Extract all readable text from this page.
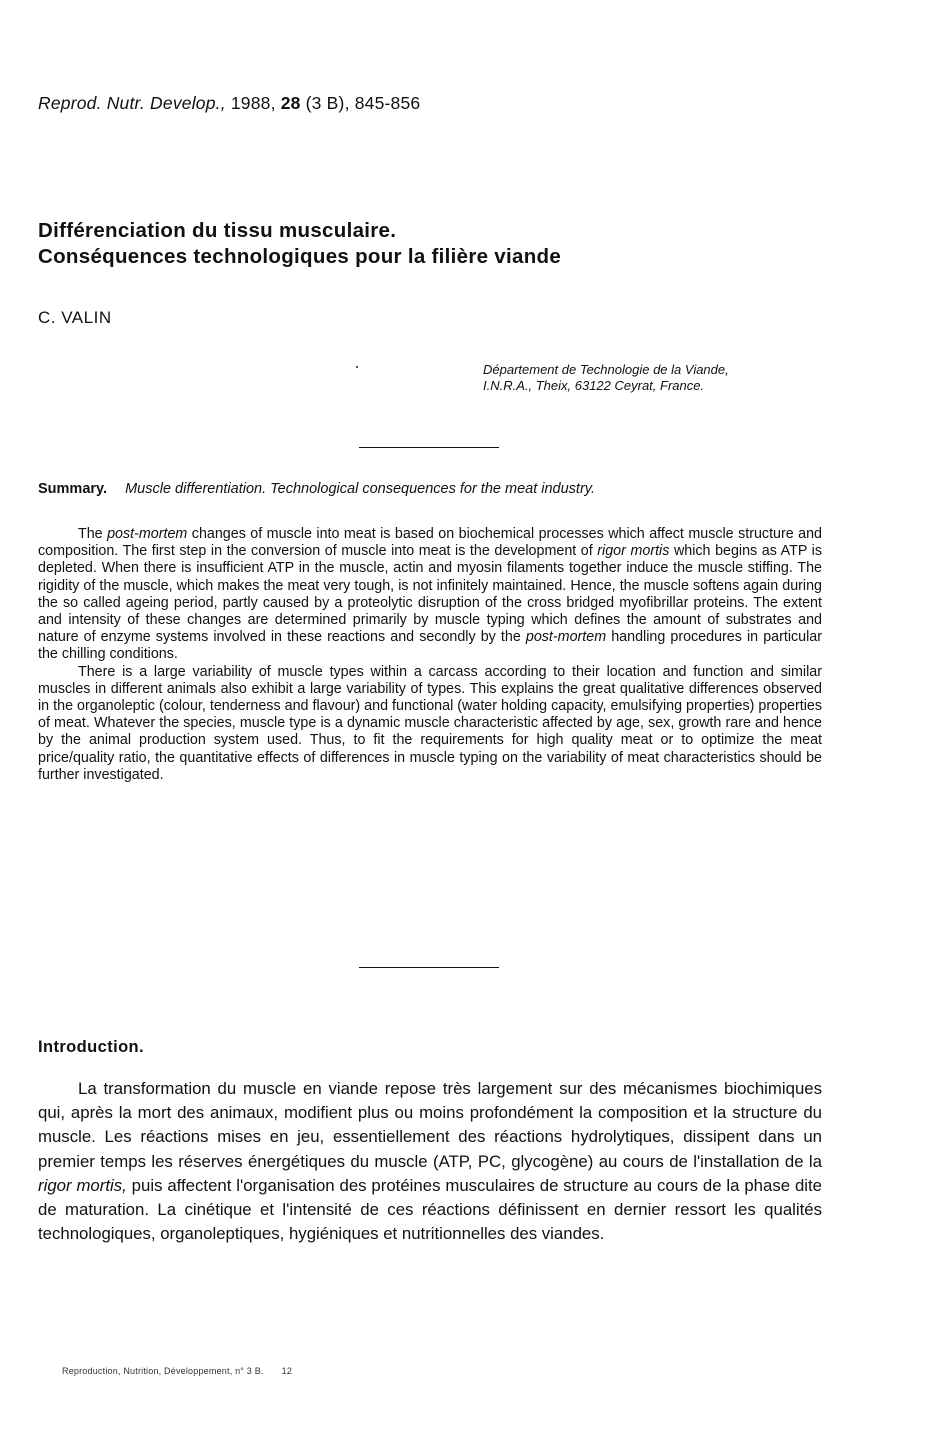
Reprod. Nutr. Develop., 1988, 28 (3 B), 845-856
Différenciation du tissu musculaire.
Conséquences technologiques pour la filière viande
C. VALIN
Département de Technologie de la Viande,
I.N.R.A., Theix, 63122 Ceyrat, France.
Summary. Muscle differentiation. Technological consequences for the meat industry.

The post-mortem changes of muscle into meat is based on biochemical processes which affect muscle structure and composition. The first step in the conversion of muscle into meat is the development of rigor mortis which begins as ATP is depleted. When there is insufficient ATP in the muscle, actin and myosin filaments together induce the muscle stiffing. The rigidity of the muscle, which makes the meat very tough, is not infinitely maintained. Hence, the muscle softens again during the so called ageing period, partly caused by a proteolytic disruption of the cross bridged myofibrillar proteins. The extent and intensity of these changes are determined primarily by muscle typing which defines the amount of substrates and nature of enzyme systems involved in these reactions and secondly by the post-mortem handling procedures in particular the chilling conditions.

There is a large variability of muscle types within a carcass according to their location and function and similar muscles in different animals also exhibit a large variability of types. This explains the great qualitative differences observed in the organoleptic (colour, tenderness and flavour) and functional (water holding capacity, emulsifying properties) properties of meat. Whatever the species, muscle type is a dynamic muscle characteristic affected by age, sex, growth rare and hence by the animal production system used. Thus, to fit the requirements for high quality meat or to optimize the meat price/quality ratio, the quantitative effects of differences in muscle typing on the variability of meat characteristics should be further investigated.

Introduction.

La transformation du muscle en viande repose très largement sur des mécanismes biochimiques qui, après la mort des animaux, modifient plus ou moins profondément la composition et la structure du muscle. Les réactions mises en jeu, essentiellement des réactions hydrolytiques, dissipent dans un premier temps les réserves énergétiques du muscle (ATP, PC, glycogène) au cours de l'installation de la rigor mortis, puis affectent l'organisation des protéines musculaires de structure au cours de la phase dite de maturation. La cinétique et l'intensité de ces réactions définissent en dernier ressort les qualités technologiques, organoleptiques, hygiéniques et nutritionnelles des viandes.

Reproduction, Nutrition, Développement, n° 3 B. 12
